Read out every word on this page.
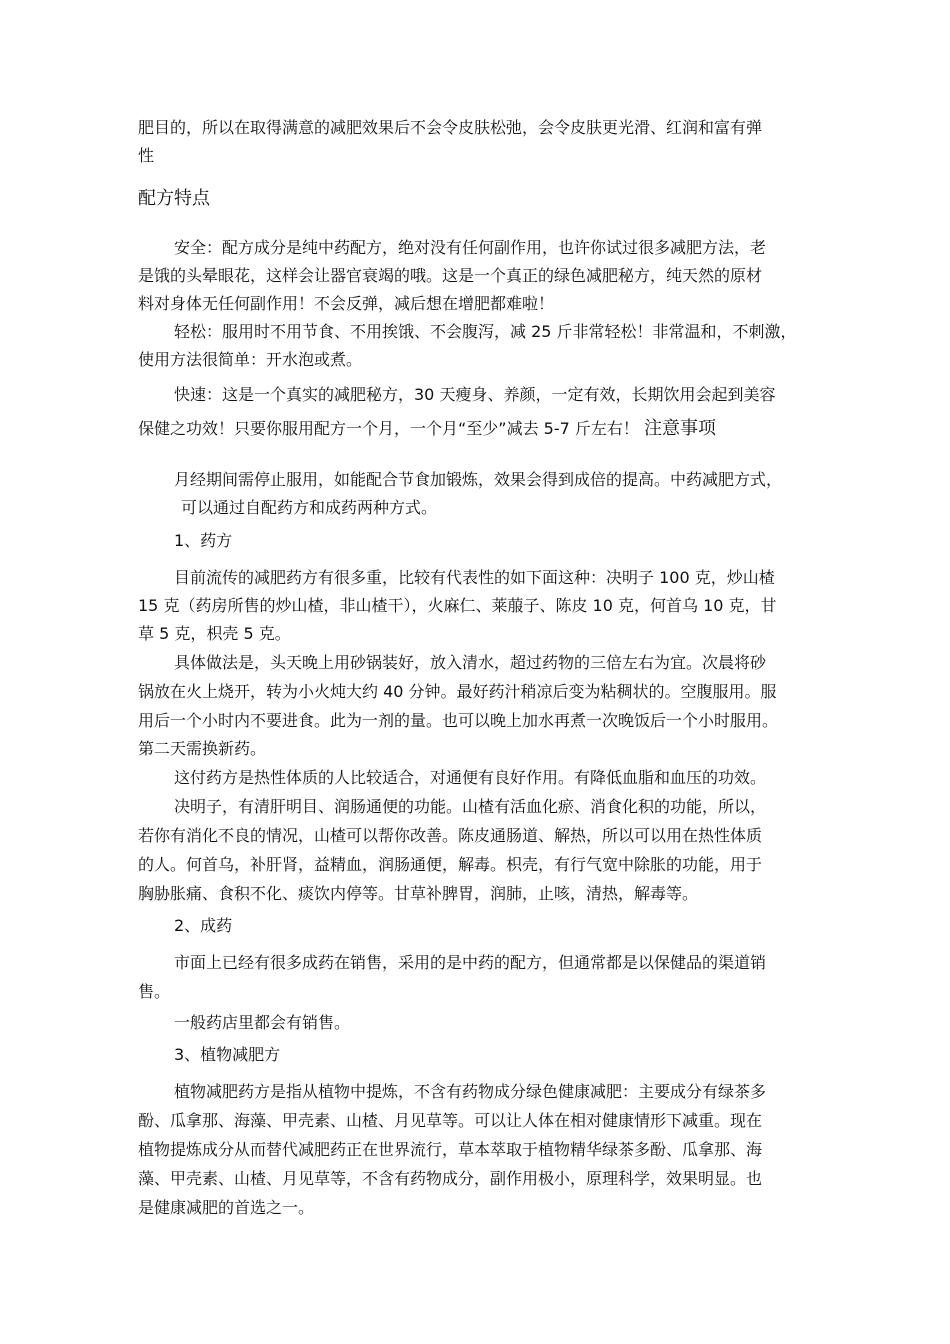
肥目的，所以在取得满意的减肥效果后不会令皮肤松弛，会令皮肤更光滑、红润和富有弹
性
配方特点
安全：配方成分是纯中药配方，绝对没有任何副作用，也许你试过很多减肥方法，老
是饿的头晕眼花，这样会让器官衰竭的哦。这是一个真正的绿色减肥秘方，纯天然的原材
料对身体无任何副作用！不会反弹，减后想在增肥都难啦！
轻松：服用时不用节食、不用挨饿、不会腹泻，减 25 斤非常轻松！非常温和，不刺激，
使用方法很简单：开水泡或煮。
快速：这是一个真实的减肥秘方，30 天瘦身、养颜，一定有效，长期饮用会起到美容
保健之功效！只要你服用配方一个月，一个月“至少”减去 5-7 斤左右！ 注意事项
月经期间需停止服用，如能配合节食加锻炼，效果会得到成倍的提高。中药减肥方式，
可以通过自配药方和成药两种方式。
1、药方
目前流传的减肥药方有很多重，比较有代表性的如下面这种：决明子 100 克，炒山楂
15 克（药房所售的炒山楂，非山楂干），火麻仁、莱菔子、陈皮 10 克，何首乌 10 克，甘
草 5 克，枳壳 5 克。
具体做法是，头天晚上用砂锅装好，放入清水，超过药物的三倍左右为宜。次晨将砂
锅放在火上烧开，转为小火炖大约 40 分钟。最好药汁稍凉后变为粘稠状的。空腹服用。服
用后一个小时内不要进食。此为一剂的量。也可以晚上加水再煮一次晚饭后一个小时服用。
第二天需换新药。
这付药方是热性体质的人比较适合，对通便有良好作用。有降低血脂和血压的功效。
决明子，有清肝明目、润肠通便的功能。山楂有活血化瘀、消食化积的功能，所以，
若你有消化不良的情况，山楂可以帮你改善。陈皮通肠道、解热，所以可以用在热性体质
的人。何首乌，补肝肾，益精血，润肠通便，解毒。枳壳，有行气宽中除胀的功能，用于
胸胁胀痛、食积不化、痰饮内停等。甘草补脾胃，润肺，止咳，清热，解毒等。
2、成药
市面上已经有很多成药在销售，采用的是中药的配方，但通常都是以保健品的渠道销
售。
一般药店里都会有销售。
3、植物减肥方
植物减肥药方是指从植物中提炼，不含有药物成分绿色健康减肥：主要成分有绿茶多
酚、瓜拿那、海藻、甲壳素、山楂、月见草等。可以让人体在相对健康情形下减重。现在
植物提炼成分从而替代减肥药正在世界流行，草本萃取于植物精华绿茶多酚、瓜拿那、海
藻、甲壳素、山楂、月见草等，不含有药物成分，副作用极小，原理科学，效果明显。也
是健康减肥的首选之一。
